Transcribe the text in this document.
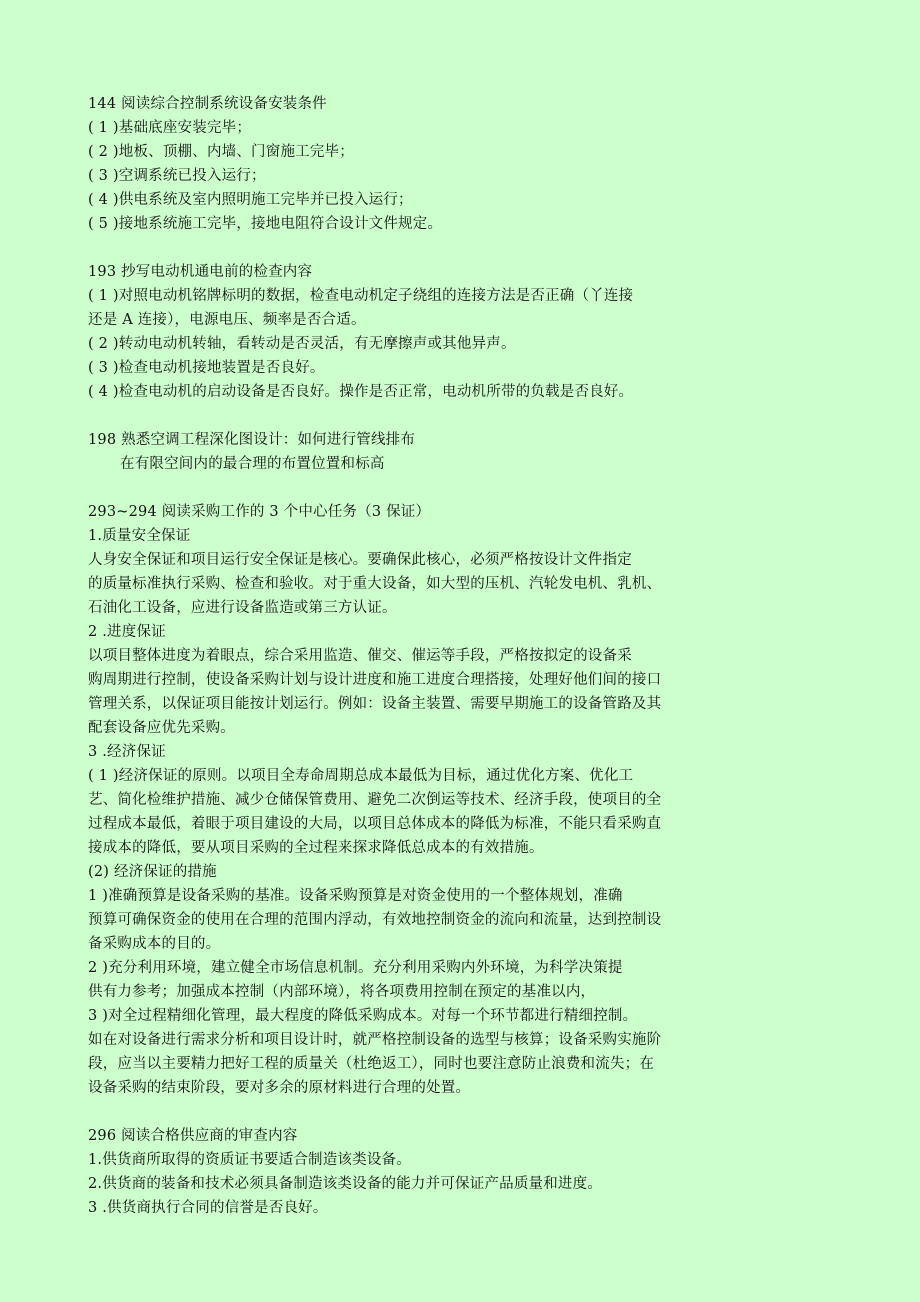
144 阅读综合控制系统设备安装条件
( 1 )基础底座安装完毕；
( 2 )地板、顶棚、内墙、门窗施工完毕；
( 3 )空调系统已投入运行；
( 4 )供电系统及室内照明施工完毕并已投入运行；
( 5 )接地系统施工完毕，接地电阻符合设计文件规定。
193 抄写电动机通电前的检查内容
( 1 )对照电动机铭牌标明的数据，检查电动机定子绕组的连接方法是否正确（丫连接
还是 A 连接），电源电压、频率是否合适。
( 2 )转动电动机转轴，看转动是否灵活，有无摩擦声或其他异声。
( 3 )检查电动机接地装置是否良好。
( 4 )检查电动机的启动设备是否良好。操作是否正常，电动机所带的负载是否良好。
198 熟悉空调工程深化图设计：如何进行管线排布
在有限空间内的最合理的布置位置和标高
293~294 阅读采购工作的 3 个中心任务（3 保证）
1.质量安全保证
人身安全保证和项目运行安全保证是核心。要确保此核心，必须严格按设计文件指定
的质量标准执行采购、检查和验收。对于重大设备，如大型的压机、汽轮发电机、乳机、
石油化工设备，应进行设备监造或第三方认证。
2 .进度保证
以项目整体进度为着眼点，综合采用监造、催交、催运等手段，严格按拟定的设备采
购周期进行控制，使设备采购计划与设计进度和施工进度合理搭接，处理好他们间的接口
管理关系，以保证项目能按计划运行。例如：设备主装置、需要早期施工的设备管路及其
配套设备应优先采购。
3 .经济保证
( 1 )经济保证的原则。以项目全寿命周期总成本最低为目标，通过优化方案、优化工
艺、简化检维护措施、减少仓储保管费用、避免二次倒运等技术、经济手段，使项目的全
过程成本最低，着眼于项目建设的大局，以项目总体成本的降低为标准，不能只看采购直
接成本的降低，要从项目采购的全过程来探求降低总成本的有效措施。
(2) 经济保证的措施
1 )准确预算是设备采购的基准。设备采购预算是对资金使用的一个整体规划，准确
预算可确保资金的使用在合理的范围内浮动，有效地控制资金的流向和流量，达到控制设
备采购成本的目的。
2 )充分利用环境，建立健全市场信息机制。充分利用采购内外环境，为科学决策提
供有力参考；加强成本控制（内部环境），将各项费用控制在预定的基准以内，
3 )对全过程精细化管理，最大程度的降低采购成本。对每一个环节都进行精细控制。
如在对设备进行需求分析和项目设计时，就严格控制设备的选型与核算；设备采购实施阶
段，应当以主要精力把好工程的质量关（杜绝返工），同时也要注意防止浪费和流失；在
设备采购的结束阶段，要对多余的原材料进行合理的处置。
296 阅读合格供应商的审查内容
1.供货商所取得的资质证书要适合制造该类设备。
2.供货商的装备和技术必须具备制造该类设备的能力并可保证产品质量和进度。
3 .供货商执行合同的信誉是否良好。
